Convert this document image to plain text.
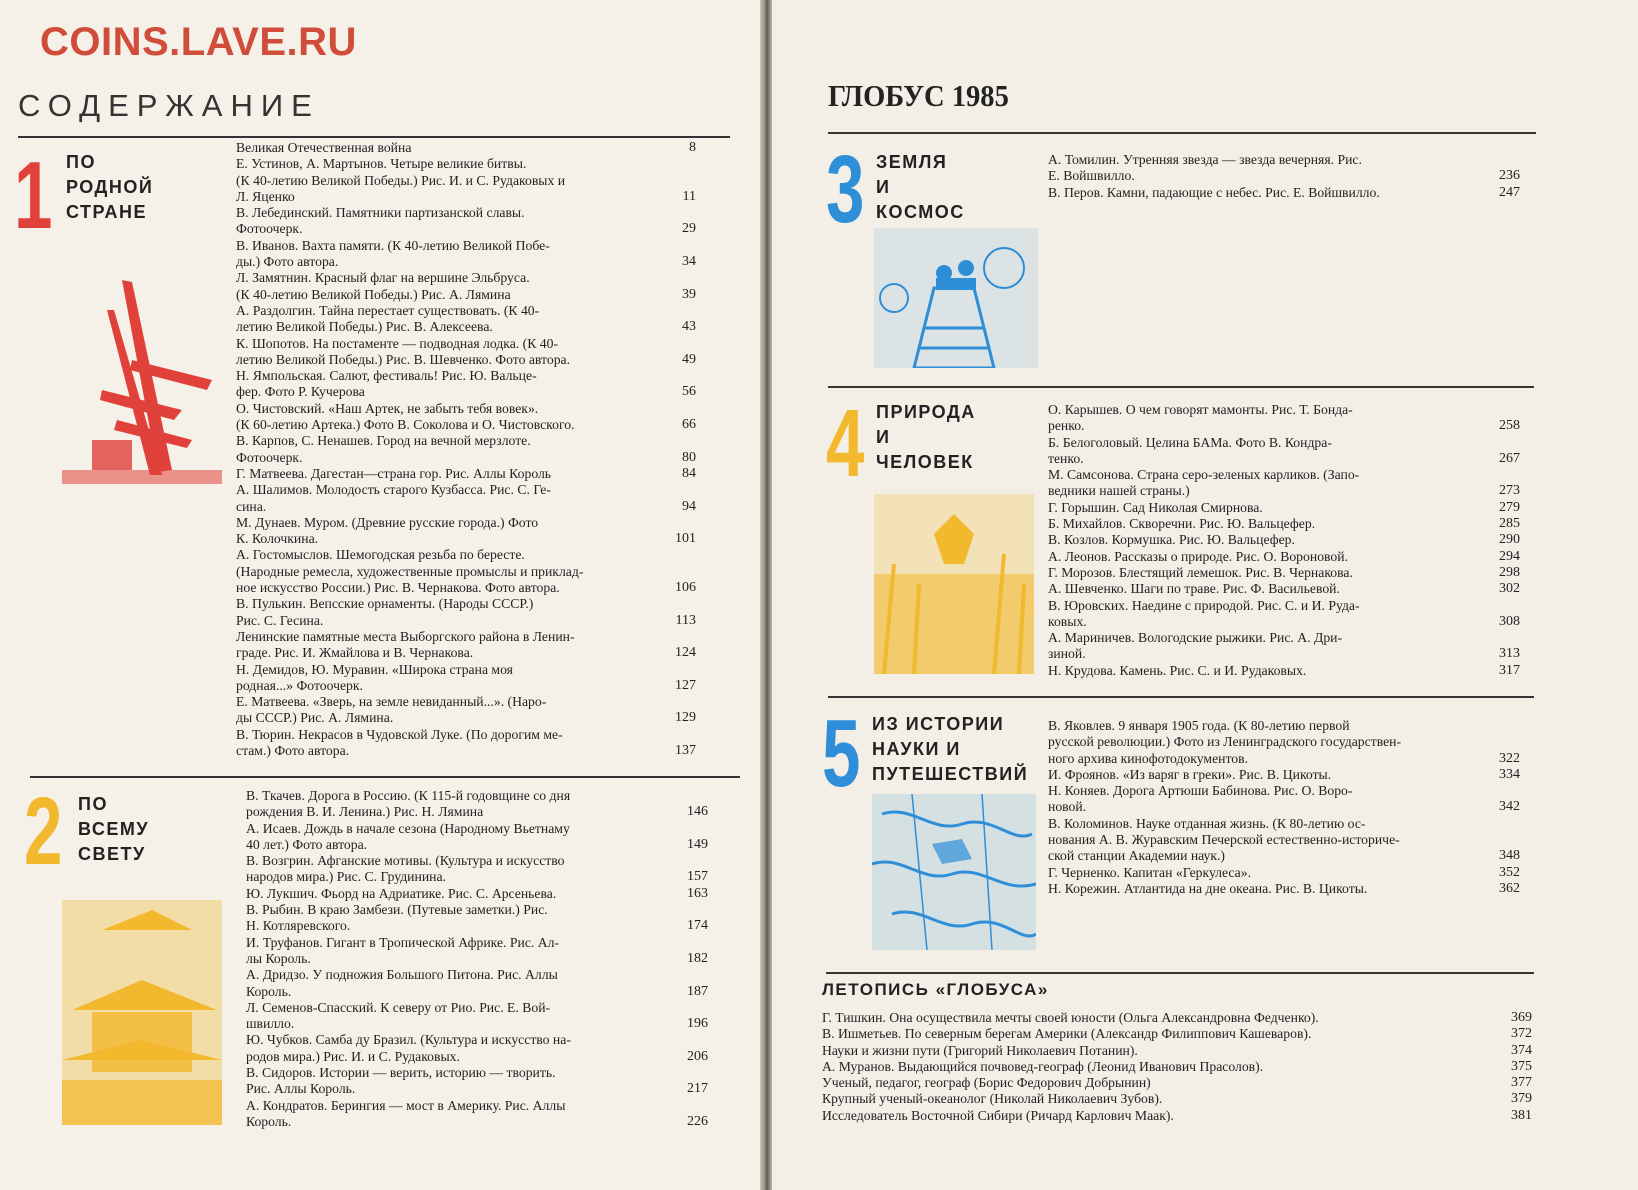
COINS.LAVE.RU
СОДЕРЖАНИЕ
1 ПО
РОДНОЙ
СТРАНЕ
Великая Отечественная война	8
Е. Устинов, А. Мартынов. Четыре великие битвы.
(К 40-летию Великой Победы.) Рис. И. и С. Рудаковых и
Л. Яценко	11
В. Лебединский. Памятники партизанской славы.
Фотоочерк.	29
В. Иванов. Вахта памяти. (К 40-летию Великой Побе-
ды.) Фото автора.	34
Л. Замятнин. Красный флаг на вершине Эльбруса.
(К 40-летию Великой Победы.) Рис. А. Лямина	39
А. Раздолгин. Тайна перестает существовать. (К 40-
летию Великой Победы.) Рис. В. Алексеева.	43
К. Шопотов. На постаменте — подводная лодка. (К 40-
летию Великой Победы.) Рис. В. Шевченко. Фото автора.	49
Н. Ямпольская. Салют, фестиваль! Рис. Ю. Вальце-
фер. Фото Р. Кучерова	56
О. Чистовский. «Наш Артек, не забыть тебя вовек».
(К 60-летию Артека.) Фото В. Соколова и О. Чистовского.	66
В. Карпов, С. Ненашев. Город на вечной мерзлоте.
Фотоочерк.	80
Г. Матвеева. Дагестан—страна гор. Рис. Аллы Король	84
А. Шалимов. Молодость старого Кузбасса. Рис. С. Ге-
сина.	94
М. Дунаев. Муром. (Древние русские города.) Фото
К. Колочкина.	101
А. Гостомыслов. Шемогодская резьба по бересте.
(Народные ремесла, художественные промыслы и приклад-
ное искусство России.) Рис. В. Чернакова. Фото автора.	106
В. Пулькин. Вепсские орнаменты. (Народы СССР.)
Рис. С. Гесина.	113
Ленинские памятные места Выборгского района в Ленин-
граде. Рис. И. Жмайлова и В. Чернакова.	124
Н. Демидов, Ю. Муравин. «Широка страна моя
родная...» Фотоочерк.	127
Е. Матвеева. «Зверь, на земле невиданный...». (Наро-
ды СССР.) Рис. А. Лямина.	129
В. Тюрин. Некрасов в Чудовской Луке. (По дорогим ме-
стам.) Фото автора.	137
2 ПО
ВСЕМУ
СВЕТУ
В. Ткачев. Дорога в Россию. (К 115-й годовщине со дня
рождения В. И. Ленина.) Рис. Н. Лямина	146
А. Исаев. Дождь в начале сезона (Народному Вьетнаму
40 лет.) Фото автора.	149
В. Возгрин. Афганские мотивы. (Культура и искусство
народов мира.) Рис. С. Грудинина.	157
Ю. Лукшич. Фьорд на Адриатике. Рис. С. Арсеньева.	163
В. Рыбин. В краю Замбези. (Путевые заметки.) Рис.
Н. Котляревского.	174
И. Труфанов. Гигант в Тропической Африке. Рис. Ал-
лы Король.	182
А. Дридзо. У подножия Большого Питона. Рис. Аллы
Король.	187
Л. Семенов-Спасский. К северу от Рио. Рис. Е. Вой-
швилло.	196
Ю. Чубков. Самба ду Бразил. (Культура и искусство на-
родов мира.) Рис. И. и С. Рудаковых.	206
В. Сидоров. Истории — верить, историю — творить.
Рис. Аллы Король.	217
А. Кондратов. Берингия — мост в Америку. Рис. Аллы
Король.	226
ГЛОБУС 1985
3 ЗЕМЛЯ
И
КОСМОС
А. Томилин. Утренняя звезда — звезда вечерняя. Рис.
Е. Войшвилло.	236
В. Перов. Камни, падающие с небес. Рис. Е. Войшвилло.	247
4 ПРИРОДА
И
ЧЕЛОВЕК
О. Карышев. О чем говорят мамонты. Рис. Т. Бонда-
ренко.	258
Б. Белоголовый. Целина БАМа. Фото В. Кондра-
тенко.	267
М. Самсонова. Страна серо-зеленых карликов. (Запо-
ведники нашей страны.)	273
Г. Горышин. Сад Николая Смирнова.	279
Б. Михайлов. Скворечни. Рис. Ю. Вальцефер.	285
В. Козлов. Кормушка. Рис. Ю. Вальцефер.	290
А. Леонов. Рассказы о природе. Рис. О. Вороновой.	294
Г. Морозов. Блестящий лемешок. Рис. В. Чернакова.	298
А. Шевченко. Шаги по траве. Рис. Ф. Васильевой.	302
В. Юровских. Наедине с природой. Рис. С. и И. Руда-
ковых.	308
А. Мариничев. Вологодские рыжики. Рис. А. Дри-
зиной.	313
Н. Крудова. Камень. Рис. С. и И. Рудаковых.	317
5 ИЗ ИСТОРИИ
НАУКИ И
ПУТЕШЕСТВИЙ
В. Яковлев. 9 января 1905 года. (К 80-летию первой
русской революции.) Фото из Ленинградского государствен-
ного архива кинофотодокументов.	322
И. Фроянов. «Из варяг в греки». Рис. В. Цикоты.	334
Н. Коняев. Дорога Артюши Бабинова. Рис. О. Воро-
новой.	342
В. Коломинов. Науке отданная жизнь. (К 80-летию ос-
нования А. В. Журавским Печерской естественно-историче-
ской станции Академии наук.)	348
Г. Черненко. Капитан «Геркулеса».	352
Н. Корежин. Атлантида на дне океана. Рис. В. Цикоты.	362
ЛЕТОПИСЬ «ГЛОБУСА»
Г. Тишкин. Она осуществила мечты своей юности (Ольга Александровна Федченко).	369
В. Ишметьев. По северным берегам Америки (Александр Филиппович Кашеваров).	372
Науки и жизни пути (Григорий Николаевич Потанин).	374
А. Муранов. Выдающийся почвовед-географ (Леонид Иванович Прасолов).	375
Ученый, педагог, географ (Борис Федорович Добрынин)	377
Крупный ученый-океанолог (Николай Николаевич Зубов).	379
Исследователь Восточной Сибири (Ричард Карлович Маак).	381
